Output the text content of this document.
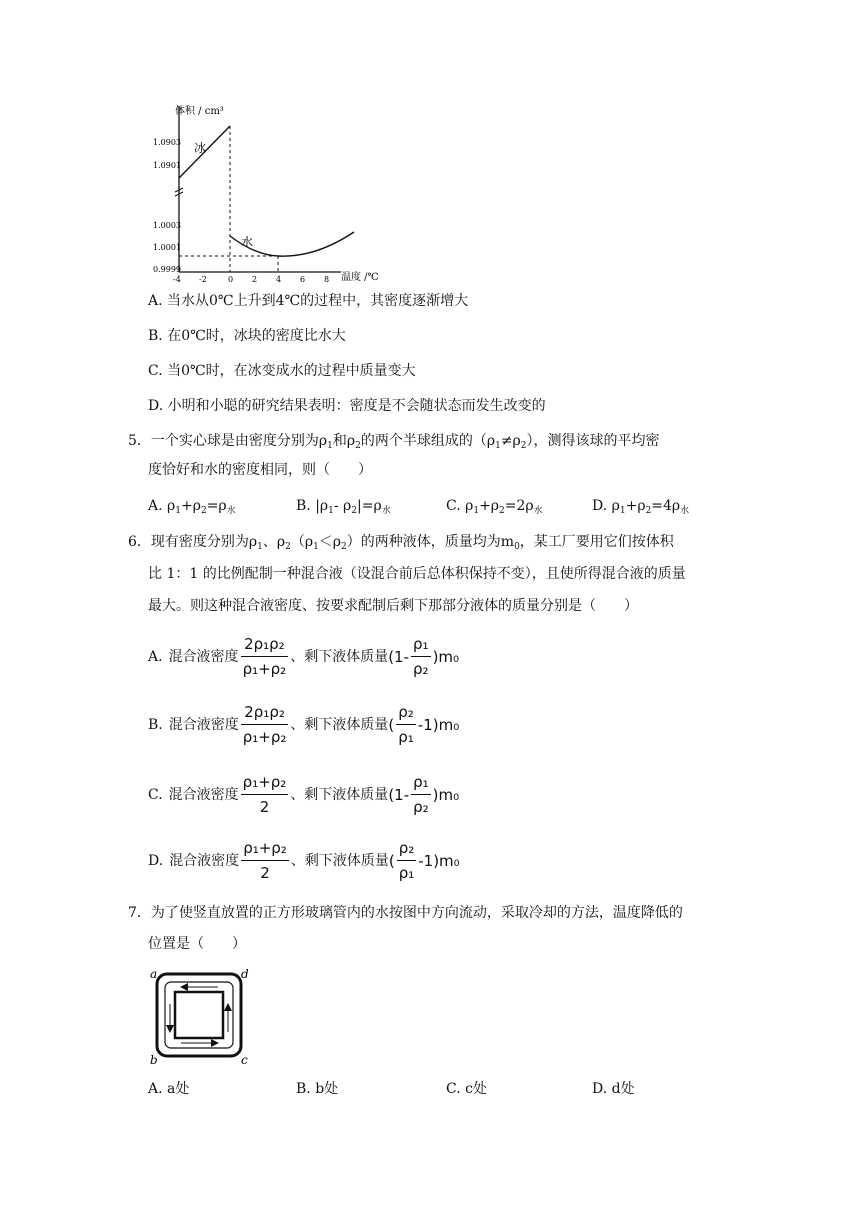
体积 / cm³
温度 /℃
1.0903
1.0901
1.0003
1.0001
0.9999
-4 -2	0 2 4 6 8
冰
水
A. 当水从0℃上升到4℃的过程中，其密度逐渐增大
B. 在0℃时，冰块的密度比水大
C. 当0℃时，在冰变成水的过程中质量变大
D. 小明和小聪的研究结果表明：密度是不会随状态而发生改变的
5．一个实心球是由密度分别为$\rho_1$和$\rho_2$的两个半球组成的$(\rho_1\ne\rho_2)$，测得该球的平均密
度恰好和水的密度相同，则（　　）
A. $\rho_1+\rho_2=\rho_水$	B. $|\rho_1-$ $\rho_2|=\rho_水$	C. $\rho_1+\rho_2=2\rho_水$	D. $\rho_1+\rho_2=4\rho_水$
6．现有密度分别为$\rho_1$、$\rho_2(\rho_1<\rho_2)$的两种液体，质量均为$m_0$，某工厂要用它们按体积
比 1：1 的比例配制一种混合液（设混合前后总体积保持不变），且使所得混合液的质量
最大。则这种混合液密度、按要求配制后剩下那部分液体的质量分别是（　　）
A. 混合液密度 $\frac{\text{2ρ₁ρ₂}}{\text{ρ₁+ρ₂}}$ 、剩下液体质量 $(1- \frac{\text{ρ₁}}{\text{ρ₂}} )m_0$
B. 混合液密度 $\frac{\text{2ρ₁ρ₂}}{\text{ρ₁+ρ₂}}$ 、剩下液体质量 ( $\frac{\text{ρ₂}}{\text{ρ₁}} -1$) m₀
C. 混合液密度 $\frac{\text{ρ₁+ρ₂}}{2}$ 、剩下液体质量 $(1- \frac{\text{ρ₁}}{\text{ρ₂}} )m_0$
D. 混合液密度 $\frac{\text{ρ₁+ρ₂}}{2}$ 、剩下液体质量 ( $\frac{\text{ρ₂}}{\text{ρ₁}} -1$) m₀
7．为了使竖直放置的正方形玻璃管内的水按图中方向流动，采取冷却的方法，温度降低的
位置是（　　）
a	d
b	c
A. a处	B. b处	C. c处	D. d处
